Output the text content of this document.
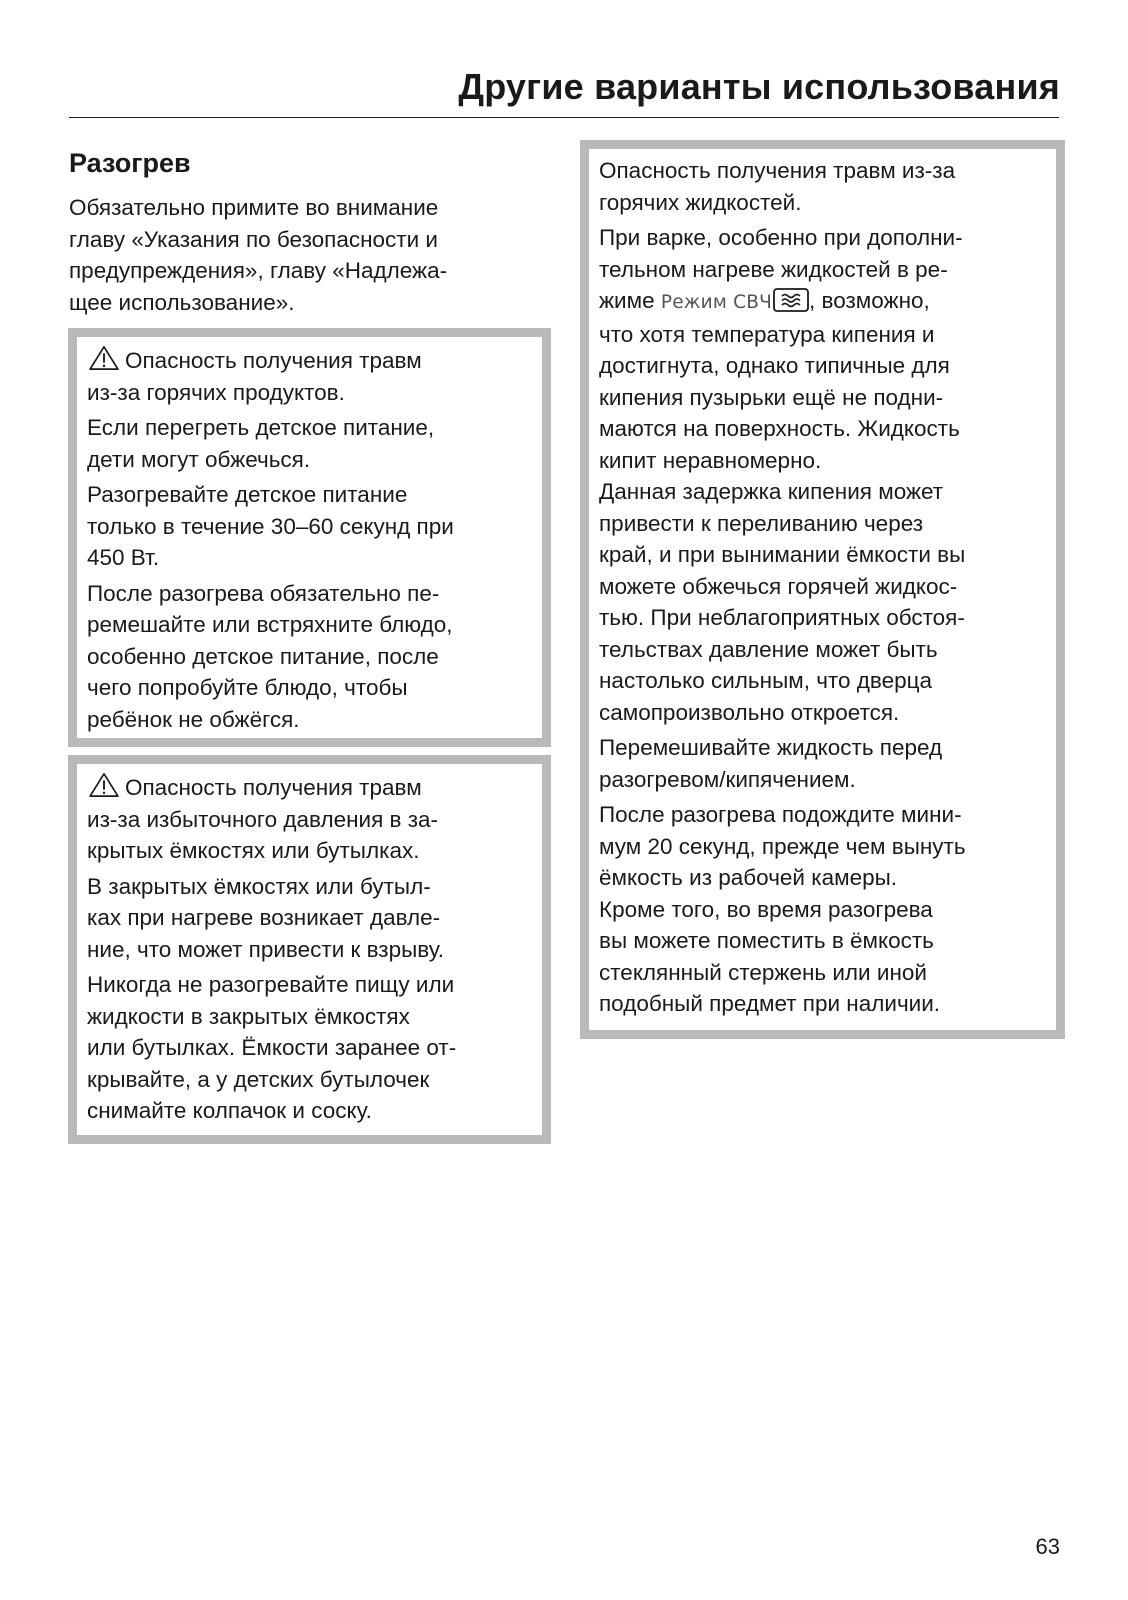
Другие варианты использования
Разогрев
Обязательно примите во внимание
главу «Указания по безопасности и
предупреждения», главу «Надлежа-
щее использование».
Опасность получения травм
из-за горячих продуктов.
Если перегреть детское питание,
дети могут обжечься.
Разогревайте детское питание
только в течение 30–60 секунд при
450 Вт.
После разогрева обязательно пе-
ремешайте или встряхните блюдо,
особенно детское питание, после
чего попробуйте блюдо, чтобы
ребёнок не обжёгся.
Опасность получения травм
из-за избыточного давления в за-
крытых ёмкостях или бутылках.
В закрытых ёмкостях или бутыл-
ках при нагреве возникает давле-
ние, что может привести к взрыву.
Никогда не разогревайте пищу или
жидкости в закрытых ёмкостях
или бутылках. Ёмкости заранее от-
крывайте, а у детских бутылочек
снимайте колпачок и соску.
Опасность получения травм из-за
горячих жидкостей.
При варке, особенно при дополни-
тельном нагреве жидкостей в ре-
жиме Режим СВЧ , возможно,
что хотя температура кипения и
достигнута, однако типичные для
кипения пузырьки ещё не подни-
маются на поверхность. Жидкость
кипит неравномерно.
Данная задержка кипения может
привести к переливанию через
край, и при вынимании ёмкости вы
можете обжечься горячей жидкос-
тью. При неблагоприятных обстоя-
тельствах давление может быть
настолько сильным, что дверца
самопроизвольно откроется.
Перемешивайте жидкость перед
разогревом/кипячением.
После разогрева подождите мини-
мум 20 секунд, прежде чем вынуть
ёмкость из рабочей камеры.
Кроме того, во время разогрева
вы можете поместить в ёмкость
стеклянный стержень или иной
подобный предмет при наличии.
63
